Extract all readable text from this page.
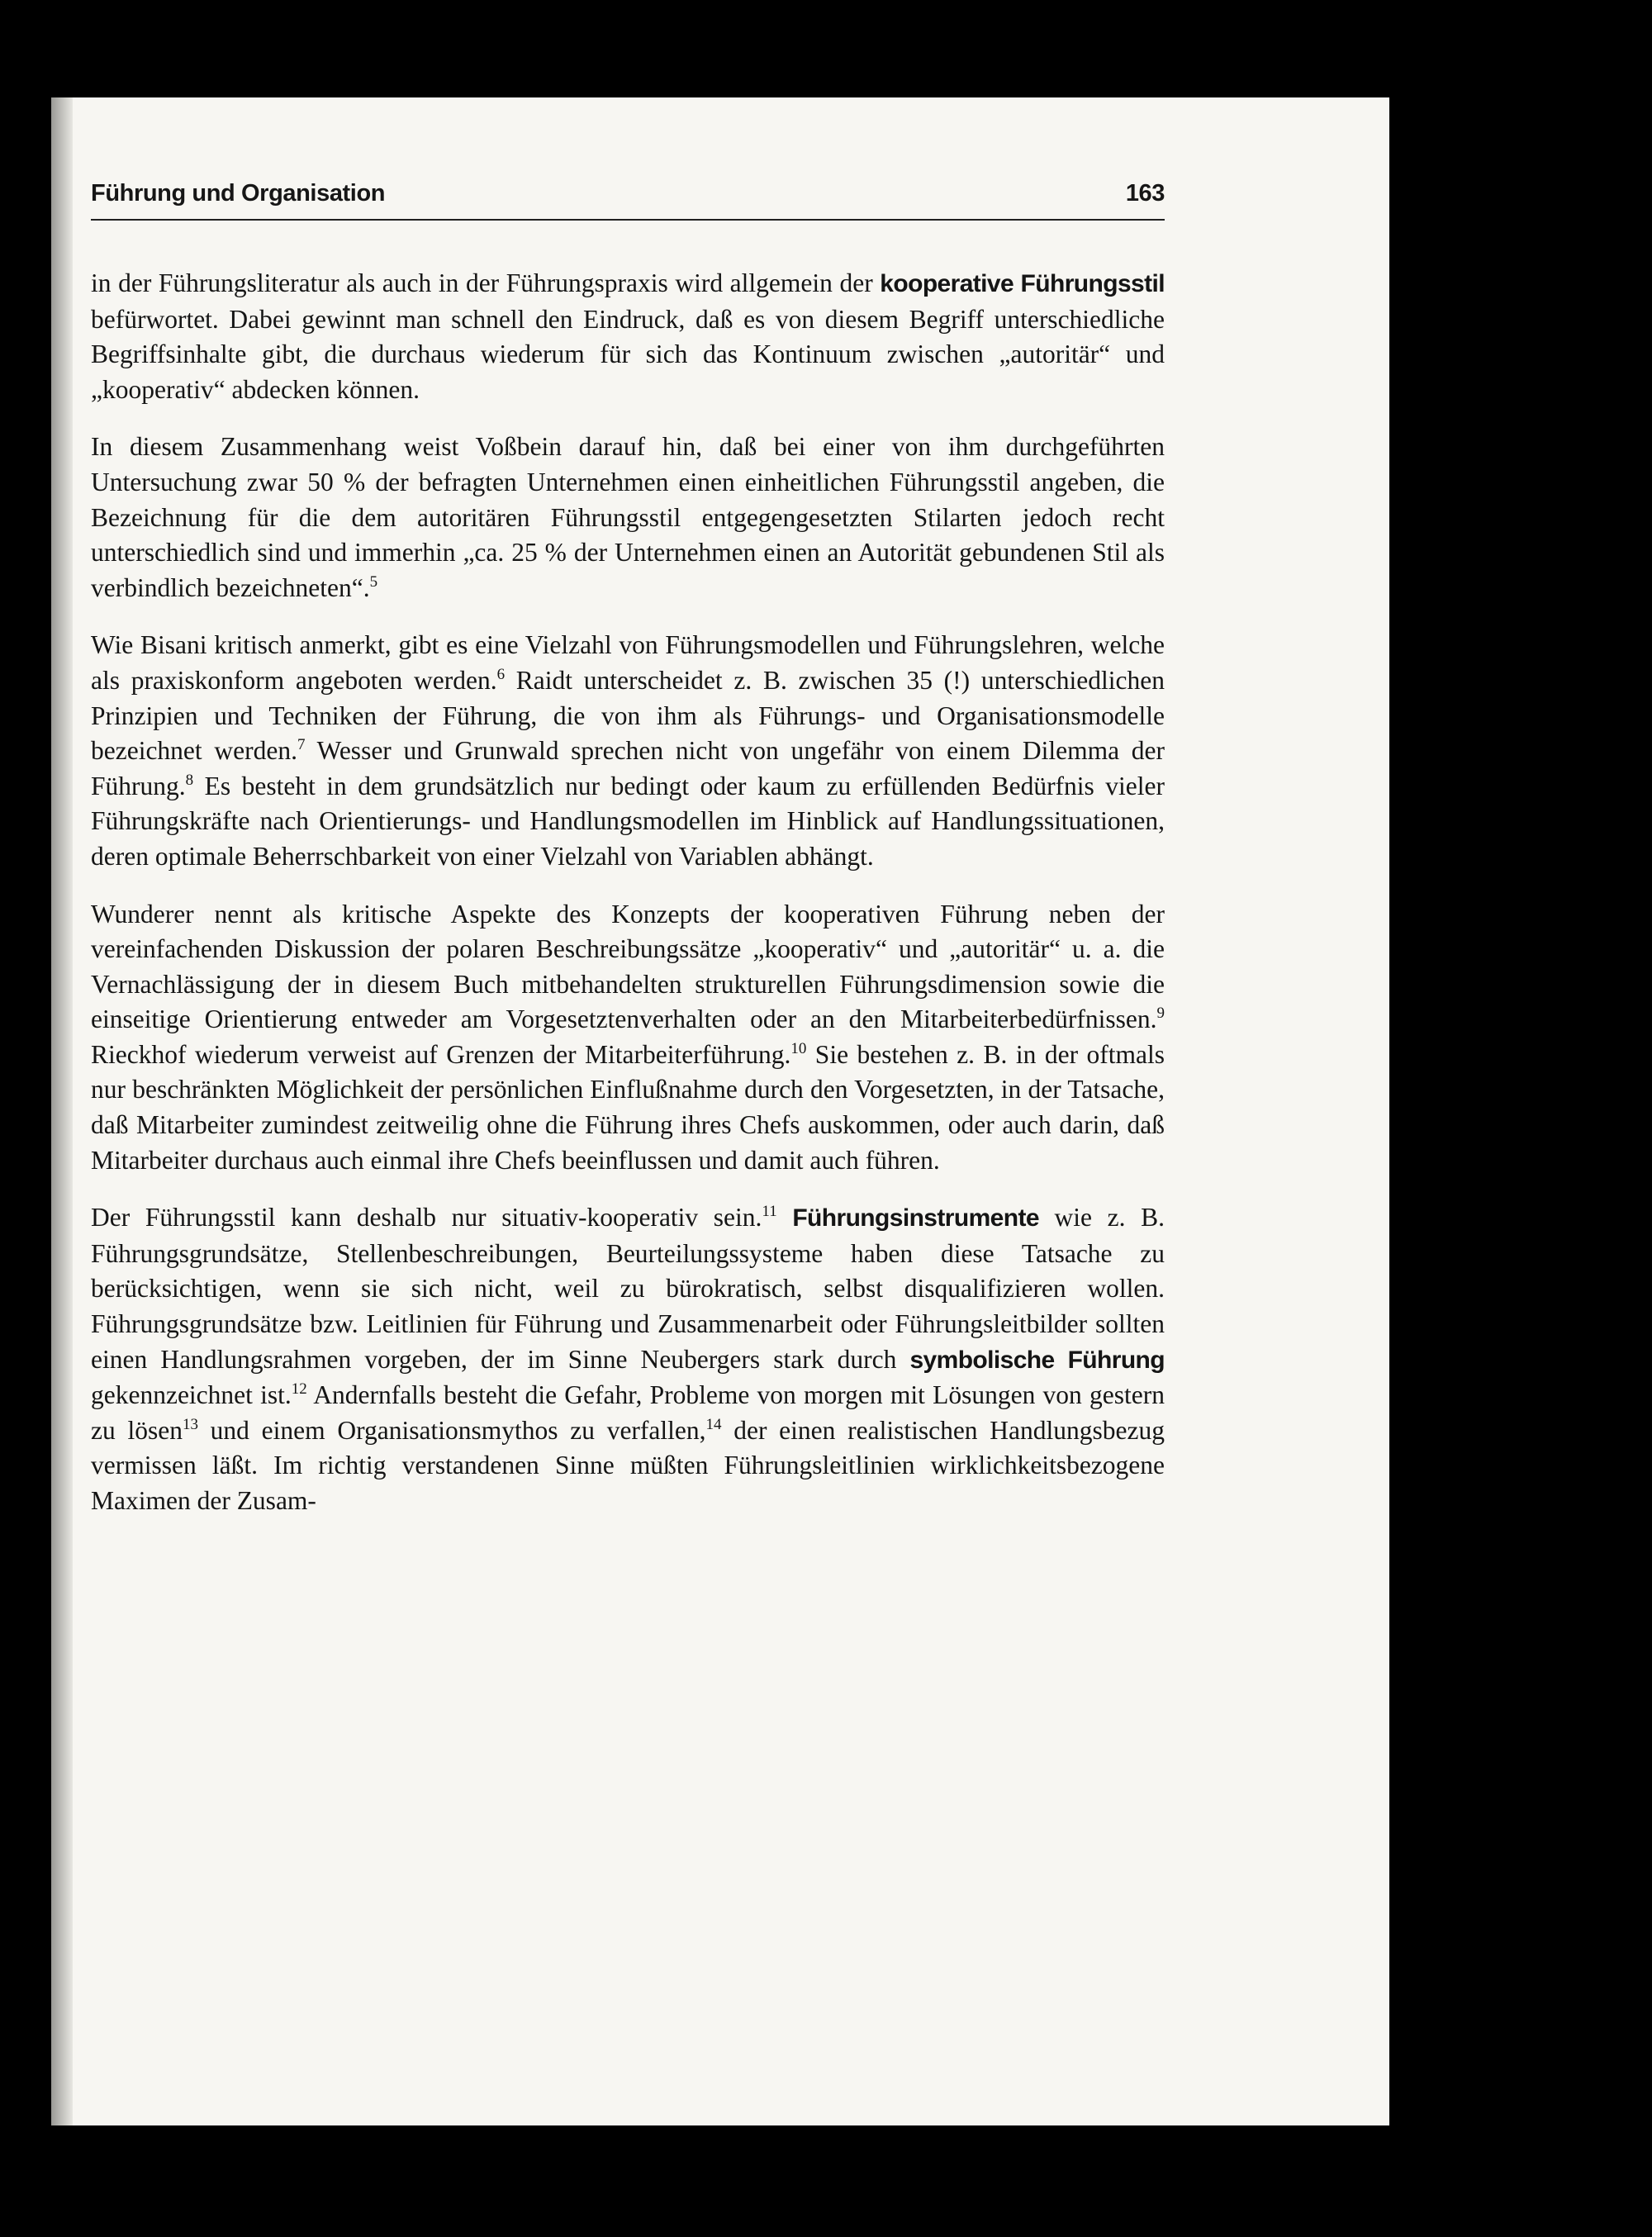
Führung und Organisation	163

in der Führungsliteratur als auch in der Führungspraxis wird allgemein der kooperative Führungsstil befürwortet. Dabei gewinnt man schnell den Eindruck, daß es von diesem Begriff unterschiedliche Begriffsinhalte gibt, die durchaus wiederum für sich das Kontinuum zwischen „autoritär“ und „kooperativ“ abdecken können.

In diesem Zusammenhang weist Voßbein darauf hin, daß bei einer von ihm durchgeführten Untersuchung zwar 50 % der befragten Unternehmen einen einheitlichen Führungsstil angeben, die Bezeichnung für die dem autoritären Führungsstil entgegengesetzten Stilarten jedoch recht unterschiedlich sind und immerhin „ca. 25 % der Unternehmen einen an Autorität gebundenen Stil als verbindlich bezeichneten“.$^5$

Wie Bisani kritisch anmerkt, gibt es eine Vielzahl von Führungsmodellen und Führungslehren, welche als praxiskonform angeboten werden.$^6$ Raidt unterscheidet z. B. zwischen 35 (!) unterschiedlichen Prinzipien und Techniken der Führung, die von ihm als Führungs- und Organisationsmodelle bezeichnet werden.$^7$ Wesser und Grunwald sprechen nicht von ungefähr von einem Dilemma der Führung.$^8$ Es besteht in dem grundsätzlich nur bedingt oder kaum zu erfüllenden Bedürfnis vieler Führungskräfte nach Orientierungs- und Handlungsmodellen im Hinblick auf Handlungssituationen, deren optimale Beherrschbarkeit von einer Vielzahl von Variablen abhängt.

Wunderer nennt als kritische Aspekte des Konzepts der kooperativen Führung neben der vereinfachenden Diskussion der polaren Beschreibungssätze „kooperativ“ und „autoritär“ u. a. die Vernachlässigung der in diesem Buch mitbehandelten strukturellen Führungsdimension sowie die einseitige Orientierung entweder am Vorgesetztenverhalten oder an den Mitarbeiterbedürfnissen.$^9$ Rieckhof wiederum verweist auf Grenzen der Mitarbeiterführung.$^{10}$ Sie bestehen z. B. in der oftmals nur beschränkten Möglichkeit der persönlichen Einflußnahme durch den Vorgesetzten, in der Tatsache, daß Mitarbeiter zumindest zeitweilig ohne die Führung ihres Chefs auskommen, oder auch darin, daß Mitarbeiter durchaus auch einmal ihre Chefs beeinflussen und damit auch führen.

Der Führungsstil kann deshalb nur situativ-kooperativ sein.$^{11}$ Führungsinstrumente wie z. B. Führungsgrundsätze, Stellenbeschreibungen, Beurteilungssysteme haben diese Tatsache zu berücksichtigen, wenn sie sich nicht, weil zu bürokratisch, selbst disqualifizieren wollen. Führungsgrundsätze bzw. Leitlinien für Führung und Zusammenarbeit oder Führungsleitbilder sollten einen Handlungsrahmen vorgeben, der im Sinne Neubergers stark durch symbolische Führung gekennzeichnet ist.$^{12}$ Andernfalls besteht die Gefahr, Probleme von morgen mit Lösungen von gestern zu lösen$^{13}$ und einem Organisationsmythos zu verfallen,$^{14}$ der einen realistischen Handlungsbezug vermissen läßt. Im richtig verstandenen Sinne müßten Führungsleitlinien wirklichkeitsbezogene Maximen der Zusam-
